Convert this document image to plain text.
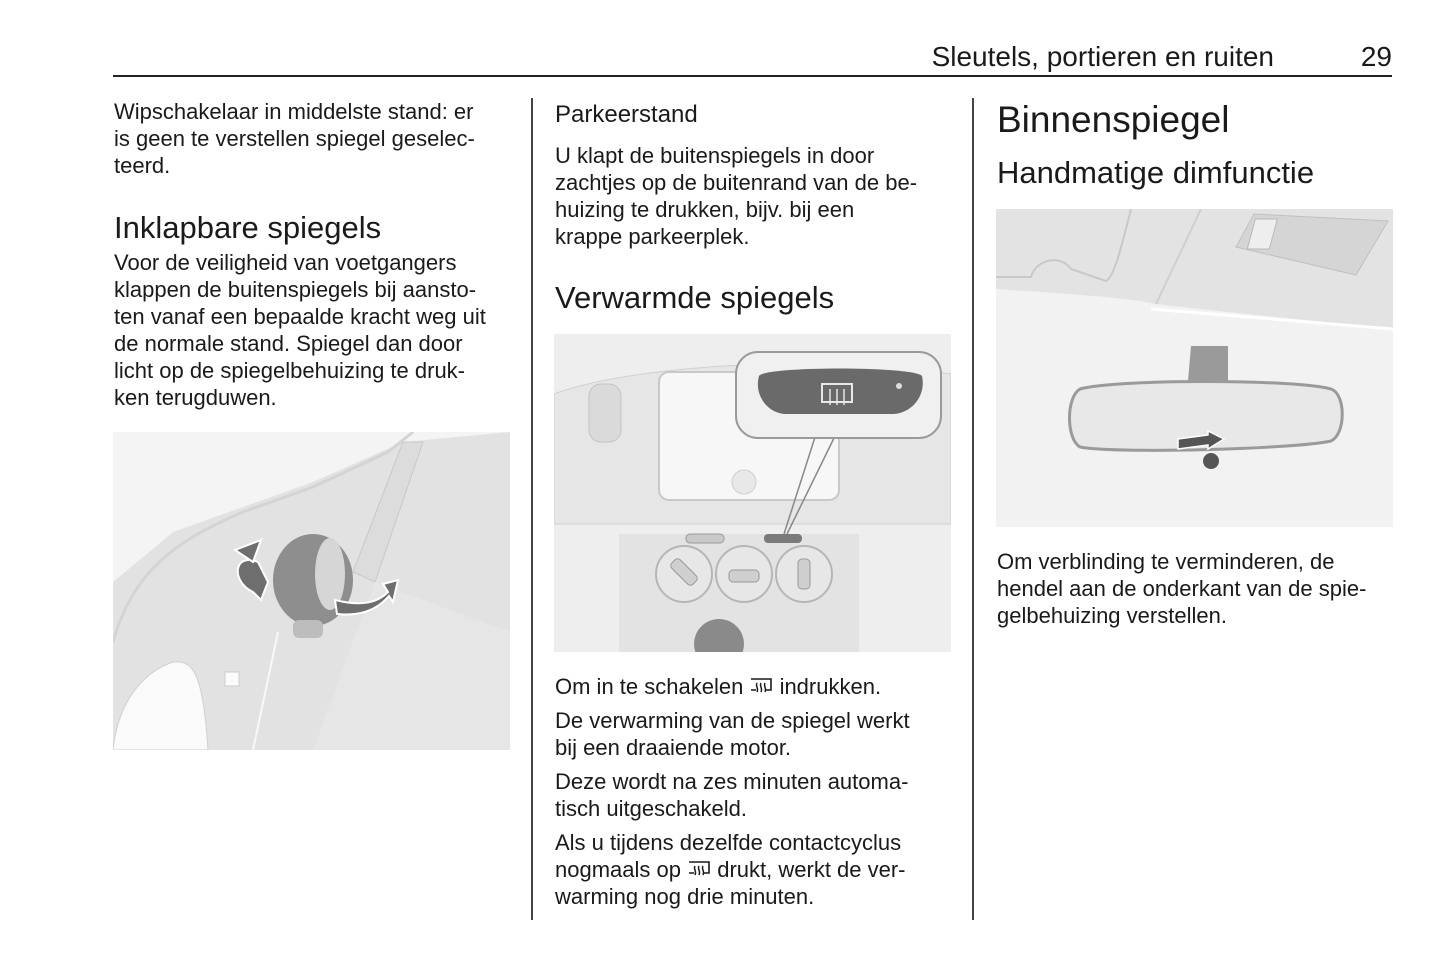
Sleutels, portieren en ruiten	29

Wipschakelaar in middelste stand: er
is geen te verstellen spiegel geselec-
teerd.

Inklapbare spiegels

Voor de veiligheid van voetgangers
klappen de buitenspiegels bij aansto-
ten vanaf een bepaalde kracht weg uit
de normale stand. Spiegel dan door
licht op de spiegelbehuizing te druk-
ken terugduwen.

Parkeerstand

U klapt de buitenspiegels in door
zachtjes op de buitenrand van de be-
huizing te drukken, bijv. bij een
krappe parkeerplek.

Verwarmde spiegels

Om in te schakelen indrukken.

De verwarming van de spiegel werkt
bij een draaiende motor.

Deze wordt na zes minuten automa-
tisch uitgeschakeld.

Als u tijdens dezelfde contactcyclus
nogmaals op drukt, werkt de ver-
warming nog drie minuten.

Binnenspiegel
Handmatige dimfunctie

Om verblinding te verminderen, de
hendel aan de onderkant van de spie-
gelbehuizing verstellen.
